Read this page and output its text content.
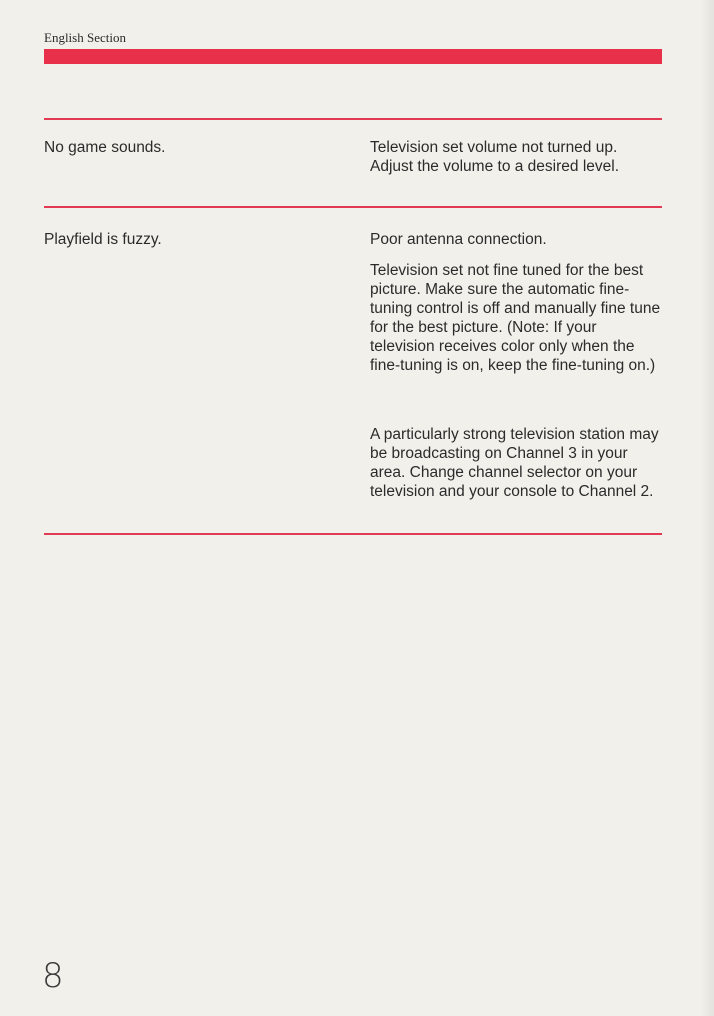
English Section
No game sounds.	Television set volume not turned up. Adjust the volume to a desired level.
Playfield is fuzzy.	Poor antenna connection.
Television set not fine tuned for the best picture. Make sure the automatic fine-tuning control is off and manually fine tune for the best picture. (Note: If your television receives color only when the fine-tuning is on, keep the fine-tuning on.)
A particularly strong television station may be broadcasting on Channel 3 in your area. Change channel selector on your television and your console to Channel 2.
8
